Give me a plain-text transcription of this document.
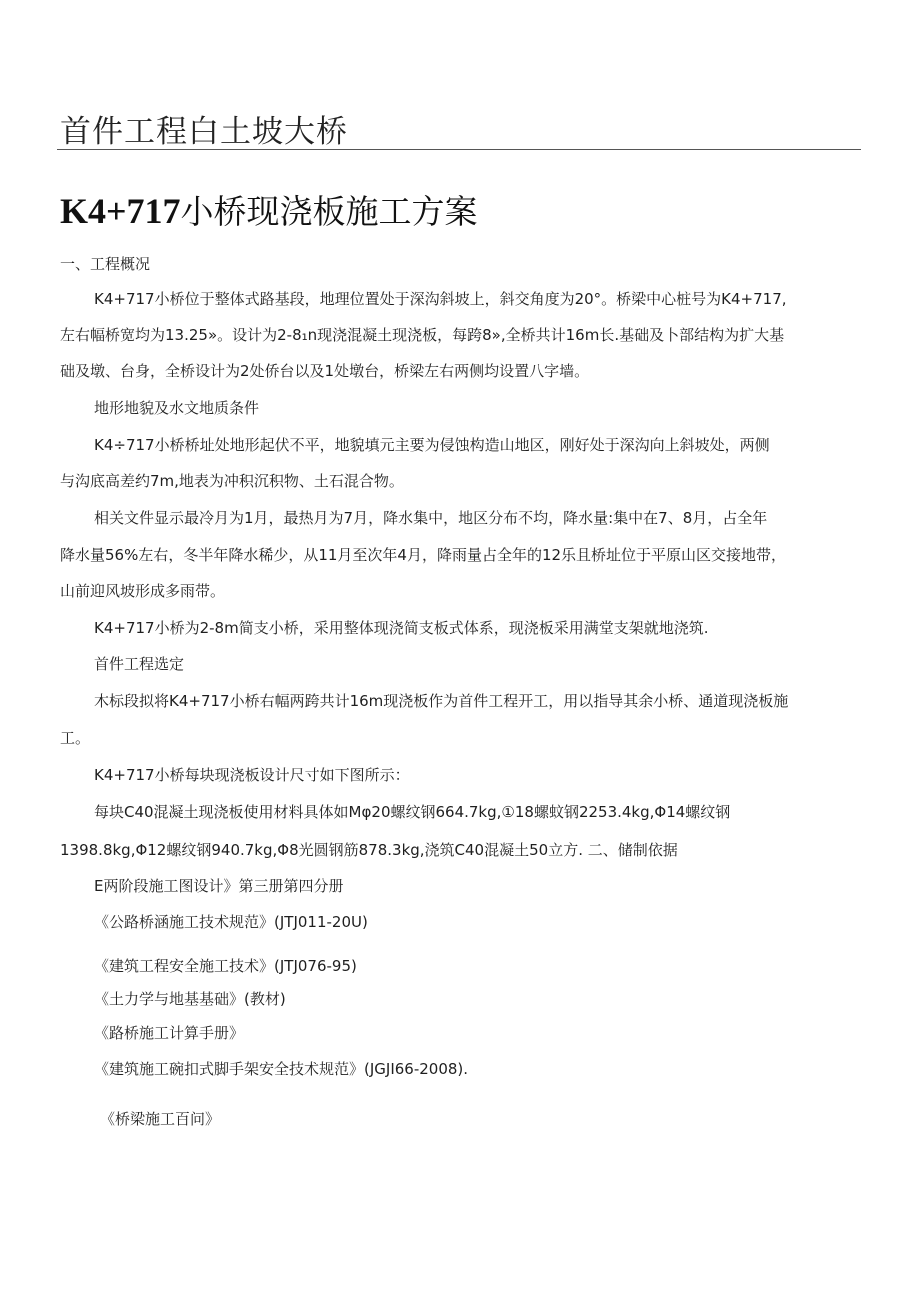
首件工程白土坡大桥
K4+717小桥现浇板施工方案
一、工程概况
K4+717小桥位于整体式路基段，地理位置处于深沟斜坡上，斜交角度为20°。桥梁中心桩号为K4+717,
左右幅桥宽均为13.25»。设计为2-8₁n现浇混凝土现浇板，每跨8»,全桥共计16m长.基础及卜部结构为扩大基
础及墩、台身，全桥设计为2处侨台以及1处墩台，桥梁左右两侧均设置八字墙。
地形地貌及水文地质条件
K4÷717小桥桥址处地形起伏不平，地貌填元主要为侵蚀构造山地区，刚好处于深沟向上斜坡处，两侧
与沟底高差约7m,地表为冲积沉积物、土石混合物。
相关文件显示最冷月为1月，最热月为7月，降水集中，地区分布不均，降水量:集中在7、8月，占全年
降水量56%左右，冬半年降水稀少，从11月至次年4月，降雨量占全年的12乐且桥址位于平原山区交接地带，
山前迎风坡形成多雨带。
K4+717小桥为2-8m简支小桥，采用整体现浇简支板式体系，现浇板采用满堂支架就地浇筑.
首件工程选定
木标段拟将K4+717小桥右幅两跨共计16m现浇板作为首件工程开工，用以指导其余小桥、通道现浇板施
工。
K4+717小桥每块现浇板设计尺寸如下图所示：
每块C40混凝土现浇板使用材料具体如Mφ20螺纹钢664.7kg,①18螺蚊钢2253.4kg,Φ14螺纹钢
1398.8kg,Φ12螺纹钢940.7kg,Φ8光圆钢筋878.3kg,浇筑C40混凝土50立方. 二、储制依据
E两阶段施工图设计》第三册第四分册
《公路桥涵施工技术规范》(JTJ011-20U)
《建筑工程安全施工技术》(JTJ076-95)
《土力学与地基基础》(教材)
《路桥施工计算手册》
《建筑施工碗扣式脚手架安全技术规范》(JGJI66-2008).
《桥梁施工百问》
